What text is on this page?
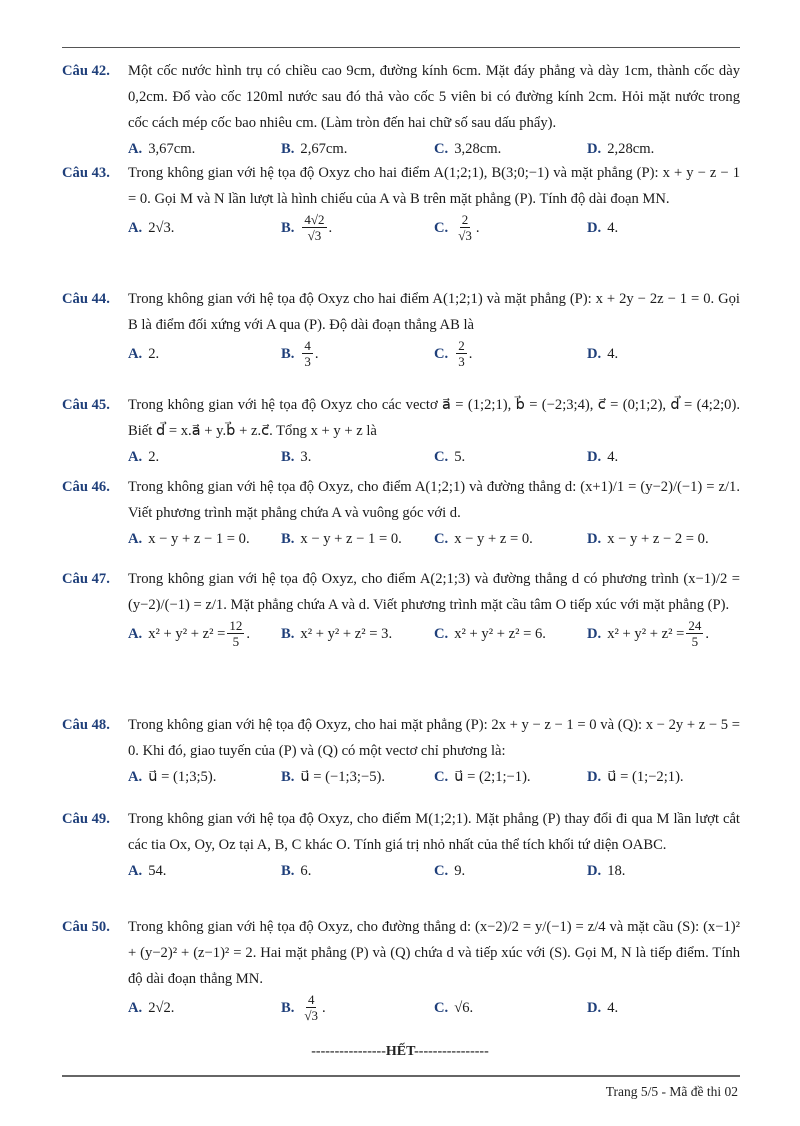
Câu 42.	Một cốc nước hình trụ có chiều cao 9cm, đường kính 6cm. Mặt đáy phẳng và dày 1cm, thành cốc dày 0,2cm. Đổ vào cốc 120ml nước sau đó thả vào cốc 5 viên bi có đường kính 2cm. Hỏi mặt nước trong cốc cách mép cốc bao nhiêu cm. (Làm tròn đến hai chữ số sau dấu phẩy).
A. 3,67cm.	B. 2,67cm.	C. 3,28cm.	D. 2,28cm.
Câu 43.	Trong không gian với hệ tọa độ Oxyz cho hai điểm A(1;2;1), B(3;0;−1) và mặt phẳng (P): x + y − z − 1 = 0. Gọi M và N lần lượt là hình chiếu của A và B trên mặt phẳng (P). Tính độ dài đoạn MN.
A. 2√3.	B. $\frac{4√2}{√3}$ .	C. $\frac{2}{√3}$ .	D. 4.
Câu 44.	Trong không gian với hệ tọa độ Oxyz cho hai điểm A(1;2;1) và mặt phẳng (P): x + 2y − 2z − 1 = 0. Gọi B là điểm đối xứng với A qua (P). Độ dài đoạn thẳng AB là
A. 2.	B. $\frac{4}{3}$ .	C. $\frac{2}{3}$ .	D. 4.
Câu 45.	Trong không gian với hệ tọa độ Oxyz cho các vectơ a⃗ = (1;2;1), b⃗ = (−2;3;4), c⃗ = (0;1;2), d⃗ = (4;2;0). Biết d⃗ = x.a⃗ + y.b⃗ + z.c⃗. Tổng x + y + z là
A. 2.	B. 3.	C. 5.	D. 4.
Câu 46.	Trong không gian với hệ tọa độ Oxyz, cho điểm A(1;2;1) và đường thẳng d: (x+1)/1 = (y−2)/(−1) = z/1. Viết phương trình mặt phẳng chứa A và vuông góc với d.
A. x − y + z − 1 = 0. B. x − y + z − 1 = 0. C. x − y + z = 0.	D. x − y + z − 2 = 0.
Câu 47.	Trong không gian với hệ tọa độ Oxyz, cho điểm A(2;1;3) và đường thẳng d có phương trình (x−1)/2 = (y−2)/(−1) = z/1. Mặt phẳng chứa A và d. Viết phương trình mặt cầu tâm O tiếp xúc với mặt phẳng (P).
A. $x^2 + y^2 + z^2 = \frac{12}{5}$ . B. x² + y² + z² = 3.	C. x² + y² + z² = 6.	D. $x^2 + y^2 + z^2 = \frac{24}{5}$ .
Câu 48.	Trong không gian với hệ tọa độ Oxyz, cho hai mặt phẳng (P): 2x + y − z − 1 = 0 và (Q): x − 2y + z − 5 = 0. Khi đó, giao tuyến của (P) và (Q) có một vectơ chỉ phương là:
A. u⃗ = (1;3;5).	B. u⃗ = (−1;3;−5).	C. u⃗ = (2;1;−1).	D. u⃗ = (1;−2;1).
Câu 49.	Trong không gian với hệ tọa độ Oxyz, cho điểm M(1;2;1). Mặt phẳng (P) thay đổi đi qua M lần lượt cắt các tia Ox, Oy, Oz tại A, B, C khác O. Tính giá trị nhỏ nhất của thể tích khối tứ diện OABC.
A. 54.	B. 6.	C. 9.	D. 18.
Câu 50.	Trong không gian với hệ tọa độ Oxyz, cho đường thẳng d: (x−2)/2 = y/(−1) = z/4 và mặt cầu (S): (x−1)² + (y−2)² + (z−1)² = 2. Hai mặt phẳng (P) và (Q) chứa d và tiếp xúc với (S). Gọi M, N là tiếp điểm. Tính độ dài đoạn thẳng MN.
A. 2√2.	B. $\frac{4}{√3}$ .	C. √6.	D. 4.
----------------HẾT----------------
Trang 5/5 - Mã đề thi 02
